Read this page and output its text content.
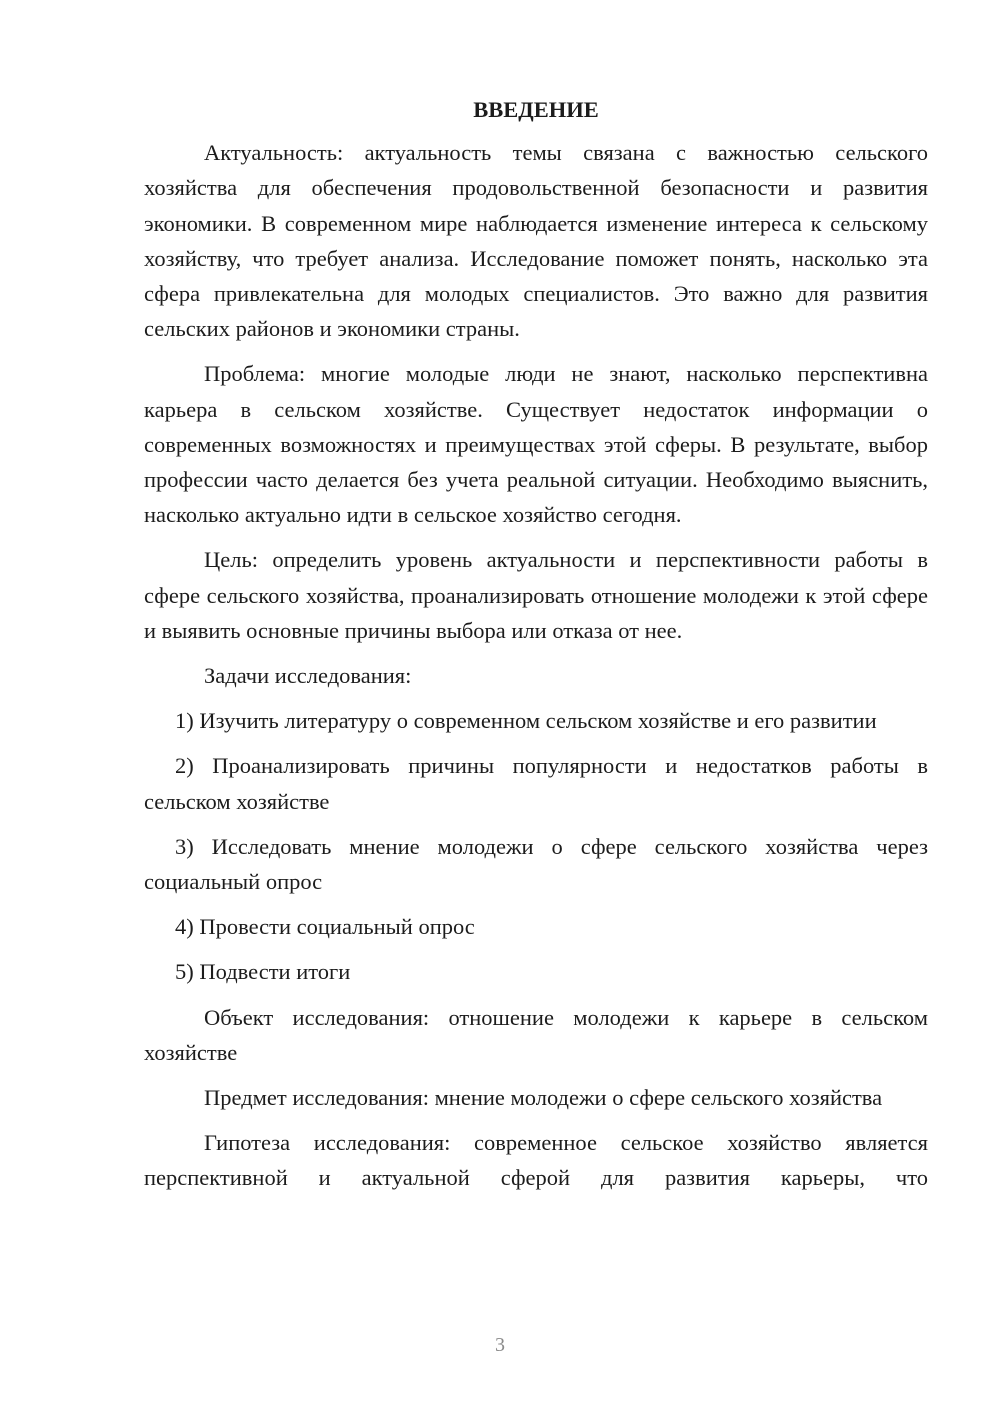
ВВЕДЕНИЕ

Актуальность: актуальность темы связана с важностью сельского хозяйства для обеспечения продовольственной безопасности и развития экономики. В современном мире наблюдается изменение интереса к сельскому хозяйству, что требует анализа. Исследование поможет понять, насколько эта сфера привлекательна для молодых специалистов. Это важно для развития сельских районов и экономики страны.

Проблема: многие молодые люди не знают, насколько перспективна карьера в сельском хозяйстве. Существует недостаток информации о современных возможностях и преимуществах этой сферы. В результате, выбор профессии часто делается без учета реальной ситуации. Необходимо выяснить, насколько актуально идти в сельское хозяйство сегодня.

Цель: определить уровень актуальности и перспективности работы в сфере сельского хозяйства, проанализировать отношение молодежи к этой сфере и выявить основные причины выбора или отказа от нее.

Задачи исследования:

1) Изучить литературу о современном сельском хозяйстве и его развитии

2) Проанализировать причины популярности и недостатков работы в сельском хозяйстве

3) Исследовать мнение молодежи о сфере сельского хозяйства через социальный опрос

4) Провести социальный опрос

5) Подвести итоги

Объект исследования: отношение молодежи к карьере в сельском хозяйстве

Предмет исследования: мнение молодежи о сфере сельского хозяйства

Гипотеза исследования: современное сельское хозяйство является перспективной и актуальной сферой для развития карьеры, что

3
